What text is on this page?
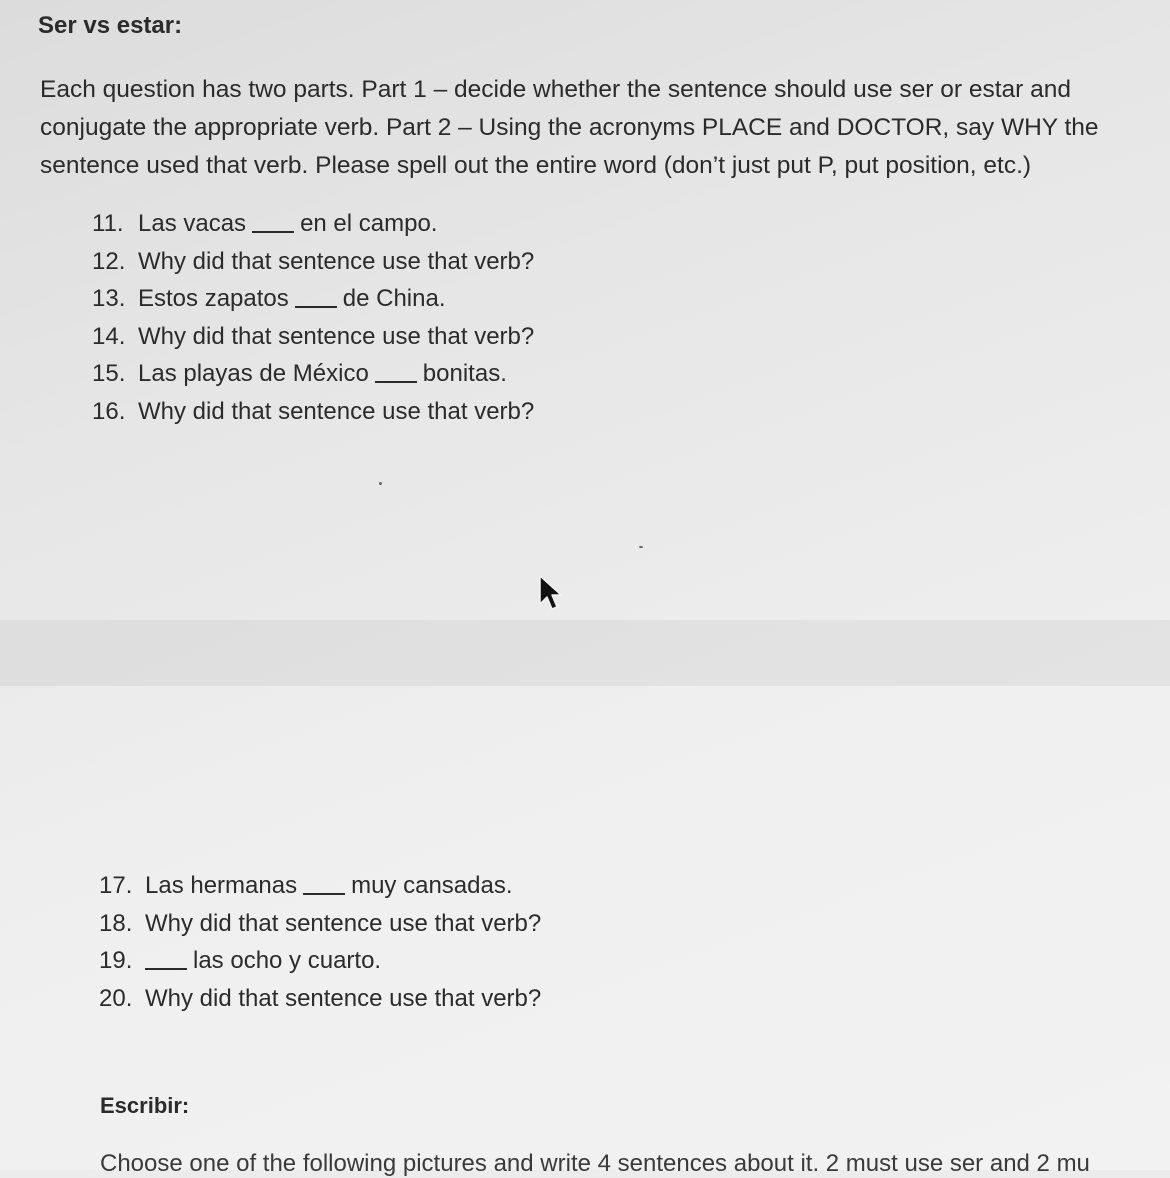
Ser vs estar:
Each question has two parts. Part 1 – decide whether the sentence should use ser or estar and
conjugate the appropriate verb. Part 2 – Using the acronyms PLACE and DOCTOR, say WHY the
sentence used that verb. Please spell out the entire word (don’t just put P, put position, etc.)
11. Las vacas en el campo.
12. Why did that sentence use that verb?
13. Estos zapatos de China.
14. Why did that sentence use that verb?
15. Las playas de México bonitas.
16. Why did that sentence use that verb?
17. Las hermanas muy cansadas.
18. Why did that sentence use that verb?
19.	las ocho y cuarto.
20. Why did that sentence use that verb?
Escribir:

Choose one of the following pictures and write 4 sentences about it. 2 must use ser and 2 mu
